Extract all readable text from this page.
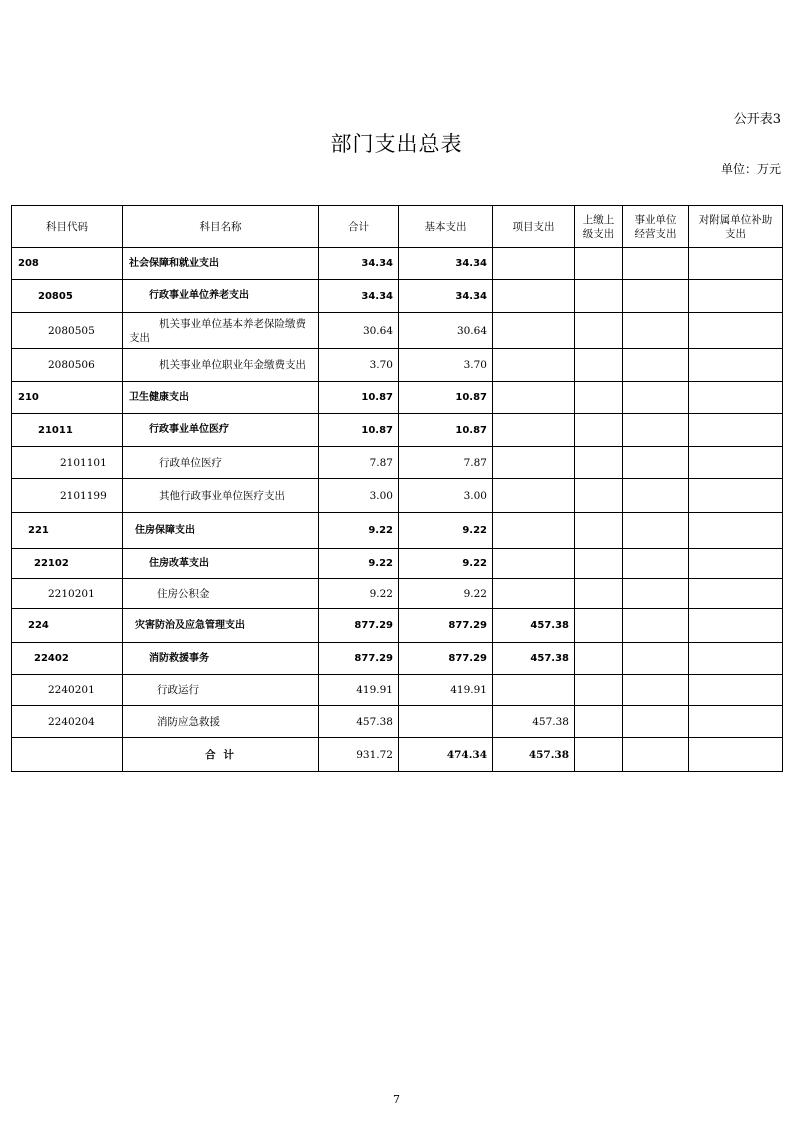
公开表3
部门支出总表
单位：万元
科目代码	科目名称	合计	基本支出	项目支出	上缴上级支出	事业单位经营支出	对附属单位补助支出
208	社会保障和就业支出	34.34	34.34				
20805	行政事业单位养老支出	34.34	34.34				
2080505	机关事业单位基本养老保险缴费支出	30.64	30.64				
2080506	机关事业单位职业年金缴费支出	3.70	3.70				
210	卫生健康支出	10.87	10.87				
21011	行政事业单位医疗	10.87	10.87				
2101101	行政单位医疗	7.87	7.87				
2101199	其他行政事业单位医疗支出	3.00	3.00				
221	住房保障支出	9.22	9.22				
22102	住房改革支出	9.22	9.22				
2210201	住房公积金	9.22	9.22				
224	灾害防治及应急管理支出	877.29	877.29	457.38			
22402	消防救援事务	877.29	877.29	457.38			
2240201	行政运行	419.91	419.91				
2240204	消防应急救援	457.38		457.38			
	合 计	931.72	474.34	457.38			
7
